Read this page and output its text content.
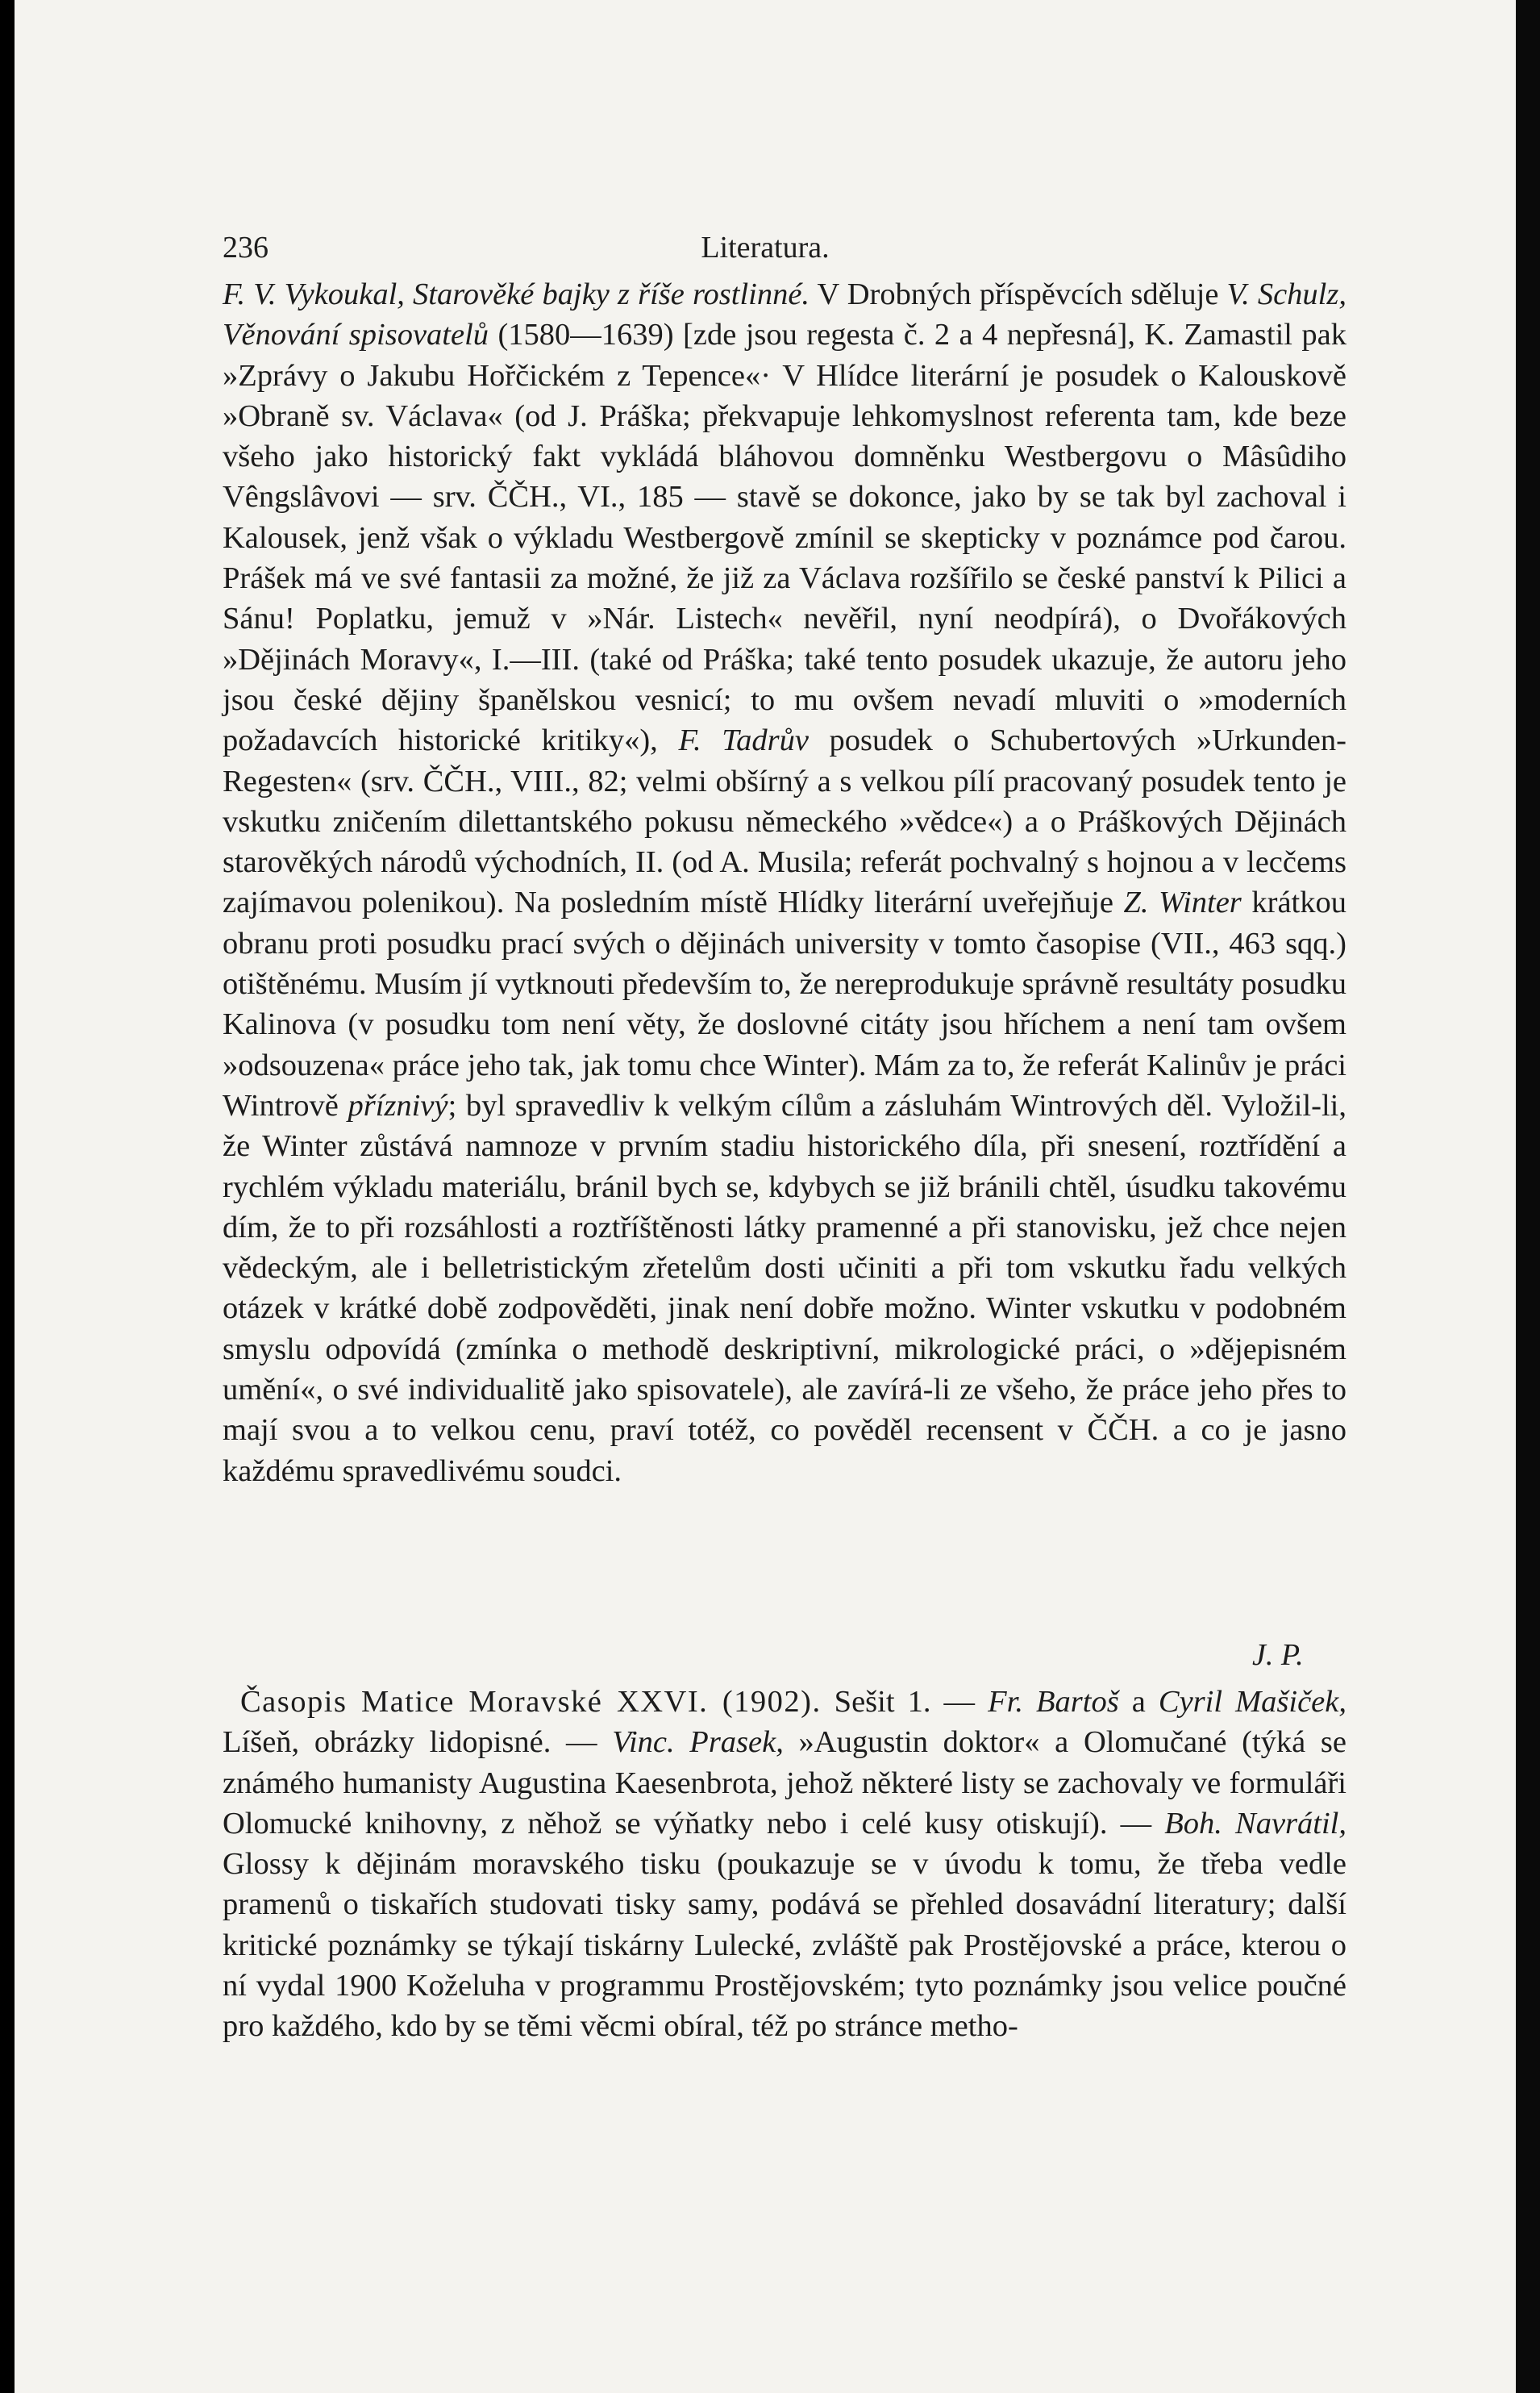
236	Literatura.

F. V. Vykoukal, Starověké bajky z říše rostlinné. V Drobných příspěvcích sděluje V. Schulz, Věnování spisovatelů (1580—1639) [zde jsou regesta č. 2 a 4 nepřesná], K. Zamastil pak »Zprávy o Jakubu Hořčickém z Tepence«· V Hlídce literární je posudek o Kalouskově »Obraně sv. Václava« (od J. Práška; překvapuje lehkomyslnost referenta tam, kde beze všeho jako historický fakt vykládá bláhovou domněnku Westbergovu o Mâsûdiho Vêngslâvovi — srv. ČČH., VI., 185 — stavě se dokonce, jako by se tak byl zachoval i Kalousek, jenž však o výkladu Westbergově zmínil se skepticky v poznámce pod čarou. Prášek má ve své fantasii za možné, že již za Václava rozšířilo se české panství k Pilici a Sánu! Poplatku, jemuž v »Nár. Listech« nevěřil, nyní neodpírá), o Dvořákových »Dějinách Moravy«, I.—III. (také od Práška; také tento posudek ukazuje, že autoru jeho jsou české dějiny španělskou vesnicí; to mu ovšem nevadí mluviti o »moderních požadavcích historické kritiky«), F. Tadrův posudek o Schubertových »Urkunden-Regesten« (srv. ČČH., VIII., 82; velmi obšírný a s velkou pílí pracovaný posudek tento je vskutku zničením dilettantského pokusu německého »vědce«) a o Práškových Dějinách starověkých národů východních, II. (od A. Musila; referát pochvalný s hojnou a v lecčems zajímavou polenikou). Na posledním místě Hlídky literární uveřejňuje Z. Winter krátkou obranu proti posudku prací svých o dějinách university v tomto časopise (VII., 463 sqq.) otištěnému. Musím jí vytknouti především to, že nereprodukuje správně resultáty posudku Kalinova (v posudku tom není věty, že doslovné citáty jsou hříchem a není tam ovšem »odsouzena« práce jeho tak, jak tomu chce Winter). Mám za to, že referát Kalinův je práci Wintrově příznivý; byl spravedliv k velkým cílům a zásluhám Wintrových děl. Vyložil-li, že Winter zůstává namnoze v prvním stadiu historického díla, při snesení, roztřídění a rychlém výkladu materiálu, bránil bych se, kdybych se již bránili chtěl, úsudku takovému dím, že to při rozsáhlosti a roztříštěnosti látky pramenné a při stanovisku, jež chce nejen vědeckým, ale i belletristickým zřetelům dosti učiniti a při tom vskutku řadu velkých otázek v krátké době zodpověděti, jinak není dobře možno. Winter vskutku v podobném smyslu odpovídá (zmínka o methodě deskriptivní, mikrologické práci, o »dějepisném umění«, o své individualitě jako spisovatele), ale zavírá-li ze všeho, že práce jeho přes to mají svou a to velkou cenu, praví totéž, co pověděl recensent v ČČH. a co je jasno každému spravedlivému soudci.

J. P.

Časopis Matice Moravské XXVI. (1902). Sešit 1. — Fr. Bartoš a Cyril Mašiček, Líšeň, obrázky lidopisné. — Vinc. Prasek, »Augustin doktor« a Olomučané (týká se známého humanisty Augustina Kaesenbrota, jehož některé listy se zachovaly ve formuláři Olomucké knihovny, z něhož se výňatky nebo i celé kusy otiskují). — Boh. Navrátil, Glossy k dějinám moravského tisku (poukazuje se v úvodu k tomu, že třeba vedle pramenů o tiskařích studovati tisky samy, podává se přehled dosavádní literatury; další kritické poznámky se týkají tiskárny Lulecké, zvláště pak Prostějovské a práce, kterou o ní vydal 1900 Koželuha v programmu Prostějovském; tyto poznámky jsou velice poučné pro každého, kdo by se těmi věcmi obíral, též po stránce metho-
